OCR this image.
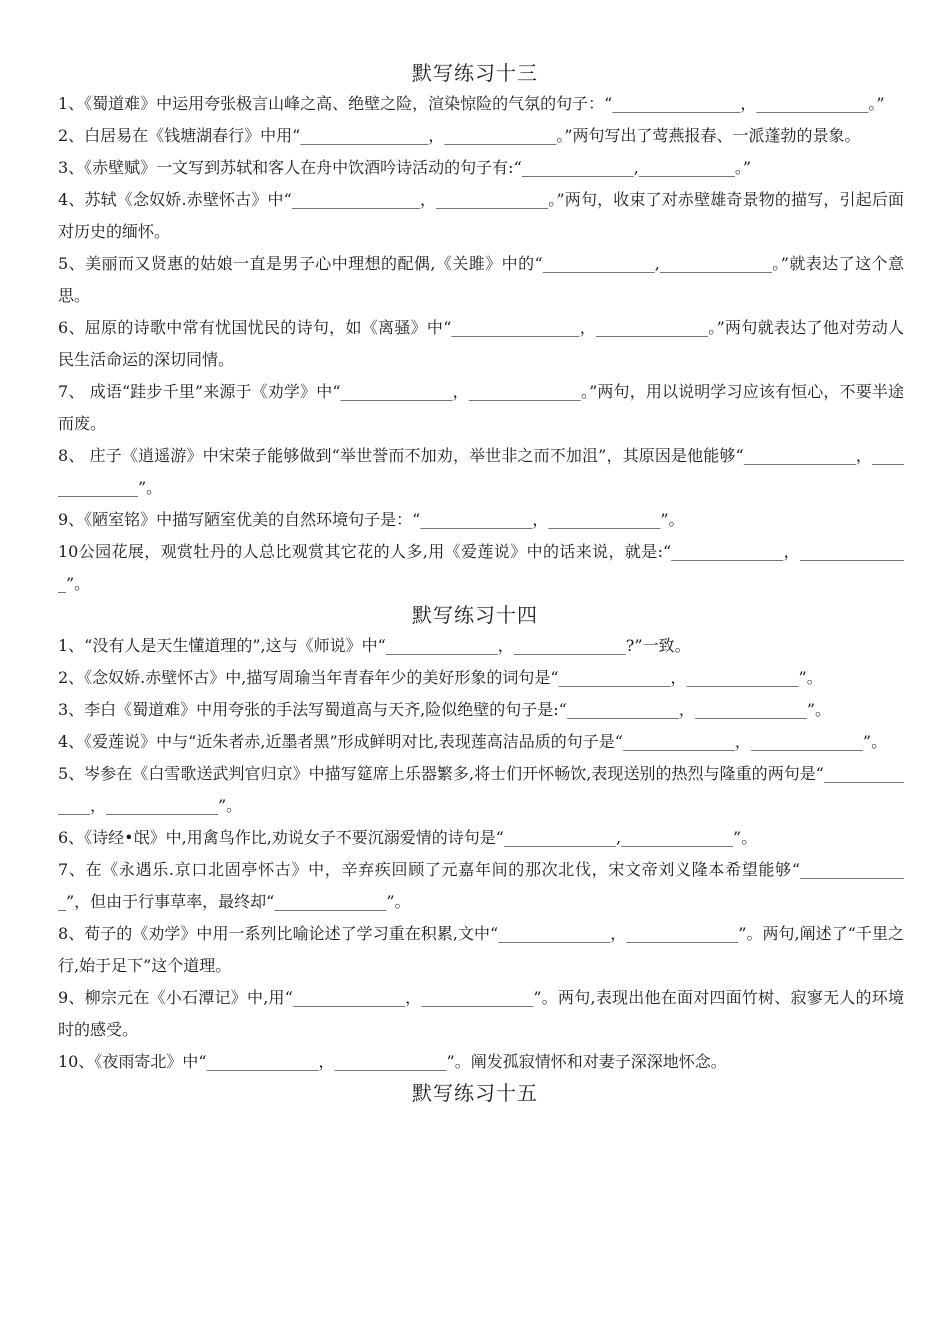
默写练习十三
1、《蜀道难》中运用夸张极言山峰之高、绝壁之险，渲染惊险的气氛的句子：“________________，______________。”
2、白居易在《钱塘湖春行》中用“________________，______________。”两句写出了莺燕报春、一派蓬勃的景象。
3、《赤壁赋》一文写到苏轼和客人在舟中饮酒吟诗活动的句子有:“______________,____________。”
4、苏轼《念奴娇.赤壁怀古》中“________________，______________。”两句，收束了对赤壁雄奇景物的描写，引起后面对历史的缅怀。
5、美丽而又贤惠的姑娘一直是男子心中理想的配偶,《关雎》中的“______________,______________。”就表达了这个意思。
6、屈原的诗歌中常有忧国忧民的诗句，如《离骚》中“________________，______________。”两句就表达了他对劳动人民生活命运的深切同情。
7、 成语“跬步千里”来源于《劝学》中“______________，______________。”两句，用以说明学习应该有恒心，不要半途而废。
8、 庄子《逍遥游》中宋荣子能够做到“举世誉而不加劝，举世非之而不加沮”，其原因是他能够“______________，______________”。
9、《陋室铭》中描写陋室优美的自然环境句子是：“______________，______________”。
10公园花展，观赏牡丹的人总比观赏其它花的人多,用《爱莲说》中的话来说，就是:“______________，______________”。
默写练习十四
1、“没有人是天生懂道理的”,这与《师说》中“______________，______________?”一致。
2、《念奴娇.赤壁怀古》中,描写周瑜当年青春年少的美好形象的词句是“______________，______________”。
3、李白《蜀道难》中用夸张的手法写蜀道高与天齐,险似绝壁的句子是:“______________，______________”。
4、《爱莲说》中与“近朱者赤,近墨者黑”形成鲜明对比,表现莲高洁品质的句子是“______________，______________”。
5、岑参在《白雪歌送武判官归京》中描写筵席上乐器繁多,将士们开怀畅饮,表现送别的热烈与隆重的两句是“______________，______________”。
6、《诗经•氓》中,用禽鸟作比,劝说女子不要沉溺爱情的诗句是“______________,______________”。
7、在《永遇乐.京口北固亭怀古》中，辛弃疾回顾了元嘉年间的那次北伐，宋文帝刘义隆本希望能够“______________”，但由于行事草率，最终却“______________”。
8、荀子的《劝学》中用一系列比喻论述了学习重在积累,文中“______________，______________”。两句,阐述了“千里之行,始于足下”这个道理。
9、柳宗元在《小石潭记》中,用“______________，______________”。两句,表现出他在面对四面竹树、寂寥无人的环境时的感受。
10、《夜雨寄北》中“______________，______________”。阐发孤寂情怀和对妻子深深地怀念。
默写练习十五
